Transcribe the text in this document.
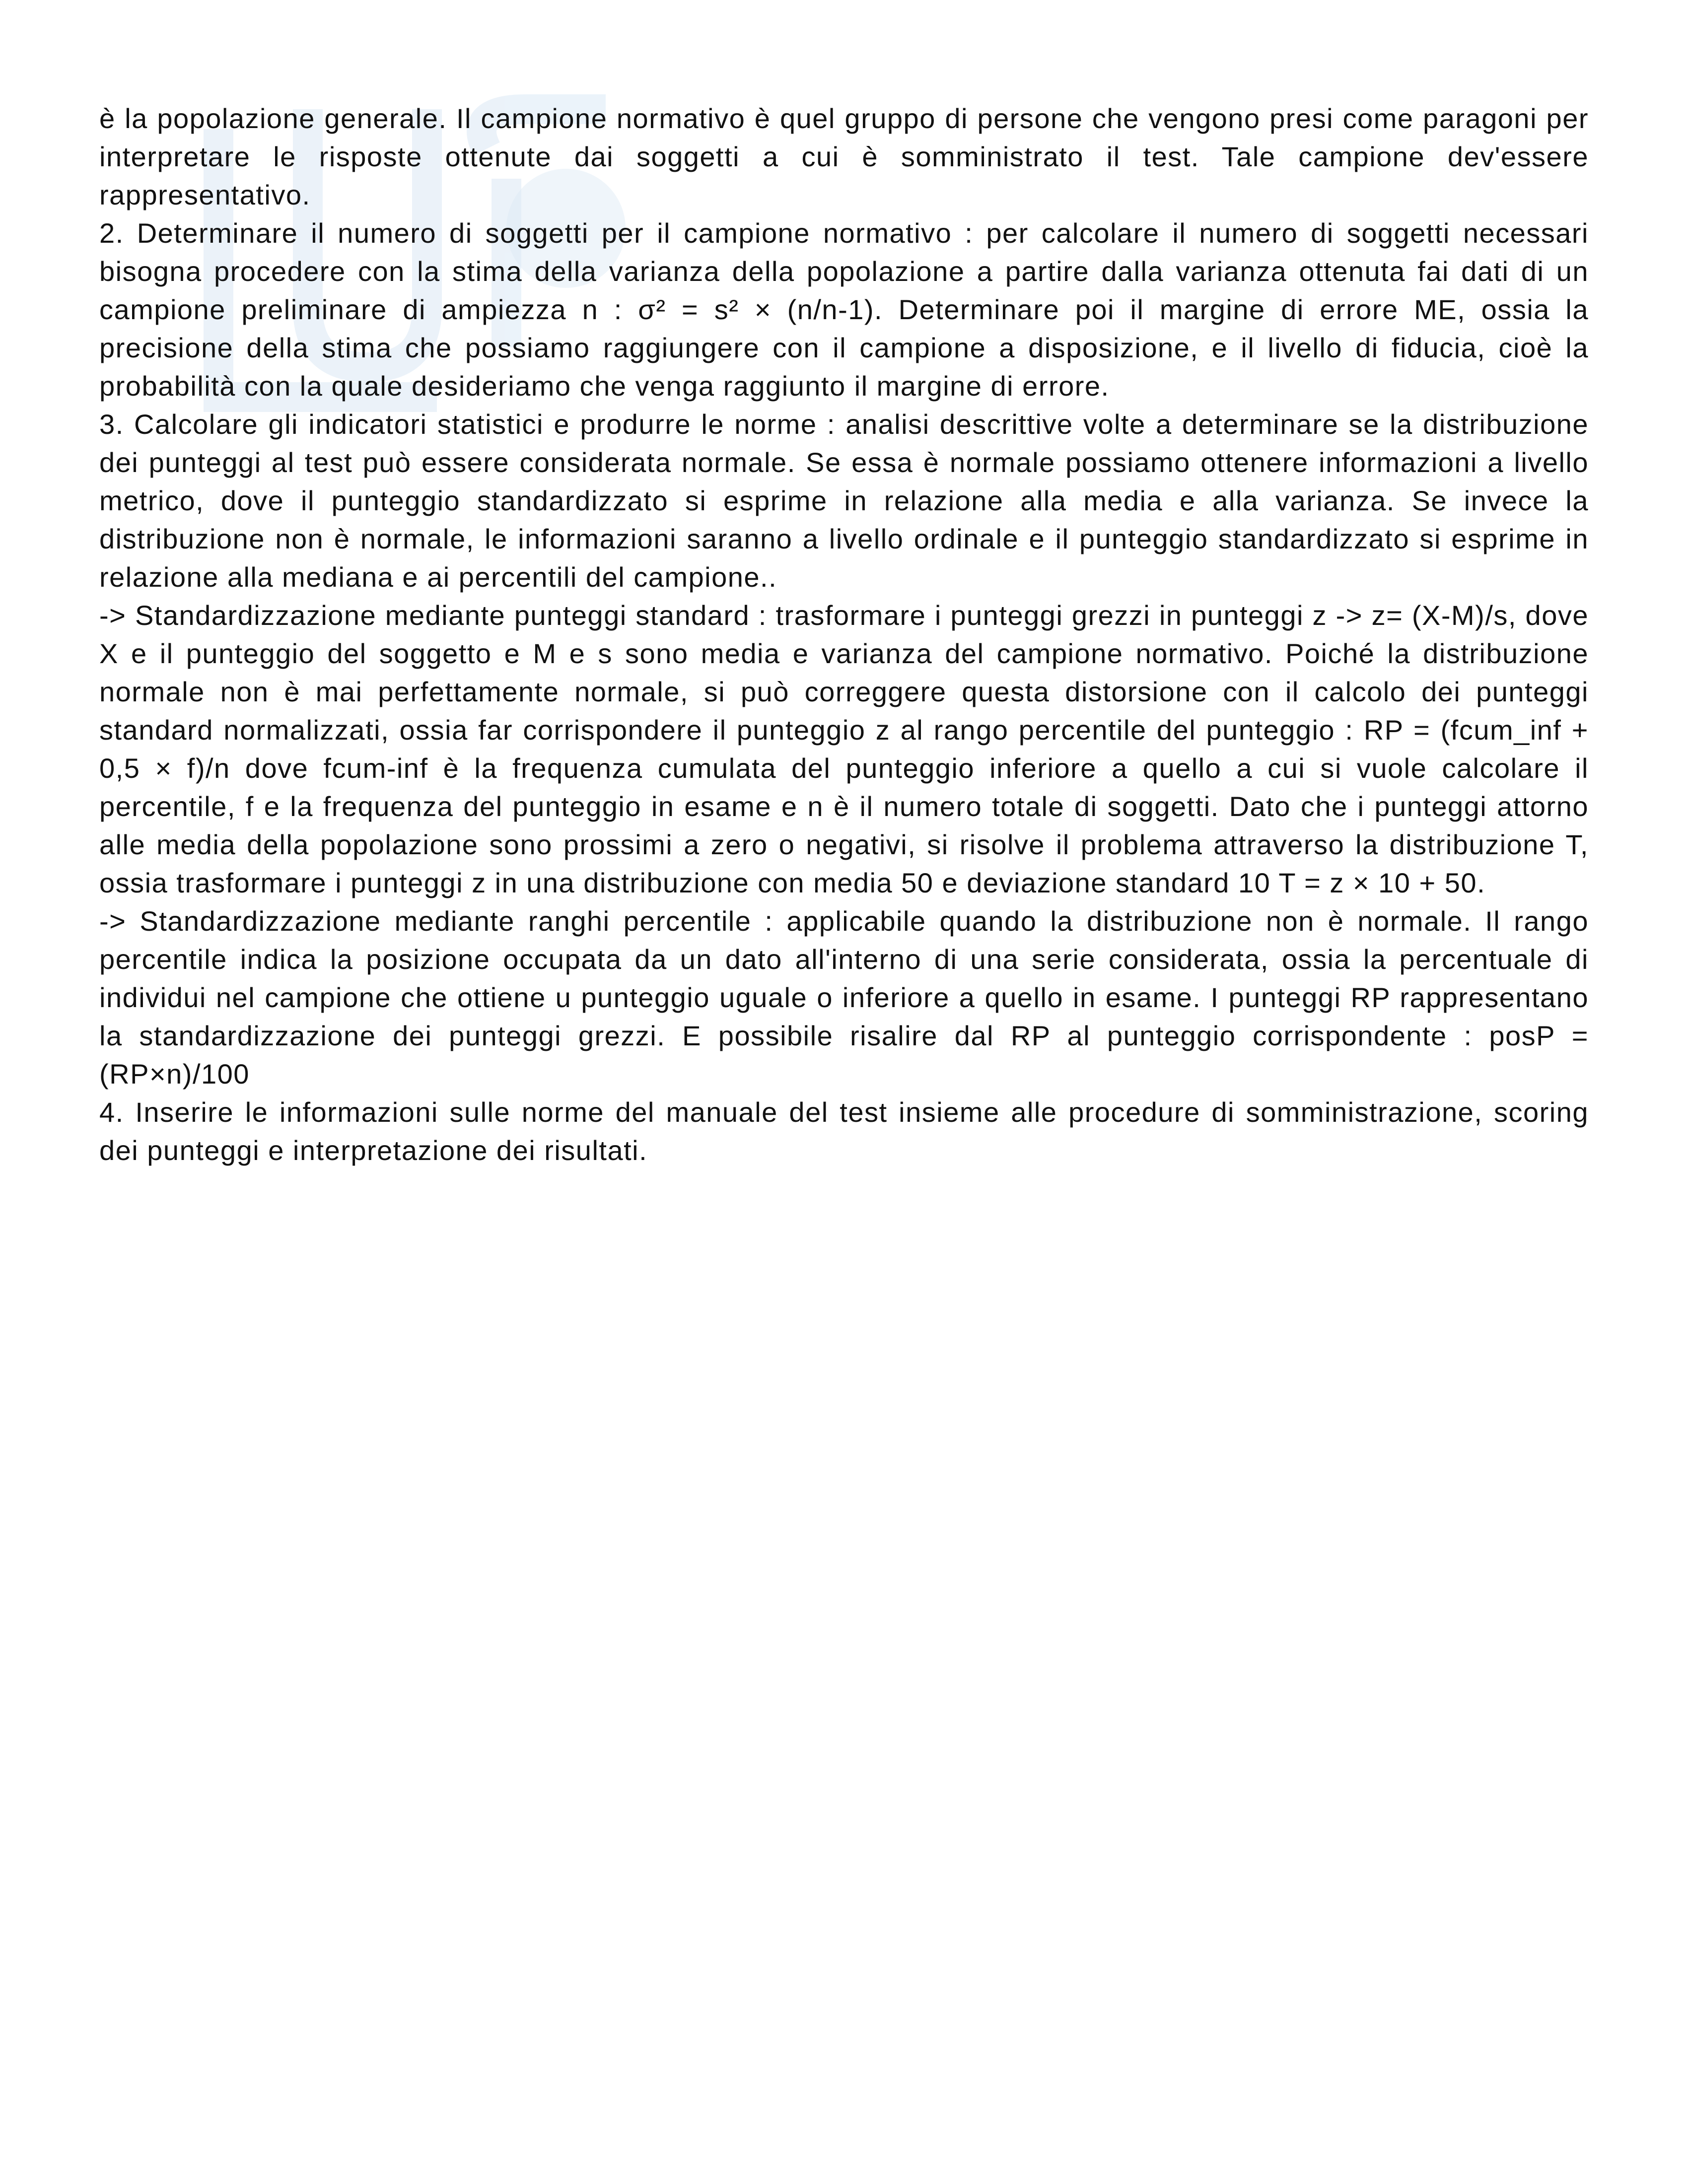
è la popolazione generale. Il campione normativo è quel gruppo di persone che vengono presi come paragoni per interpretare le risposte ottenute dai soggetti a cui è somministrato il test. Tale campione dev'essere rappresentativo.

2. Determinare il numero di soggetti per il campione normativo : per calcolare il numero di soggetti necessari bisogna procedere con la stima della varianza della popolazione a partire dalla varianza ottenuta fai dati di un campione preliminare di ampiezza n : σ² = s² × (n/n-1). Determinare poi il margine di errore ME, ossia la precisione della stima che possiamo raggiungere con il campione a disposizione, e il livello di fiducia, cioè la probabilità con la quale desideriamo che venga raggiunto il margine di errore.

3. Calcolare gli indicatori statistici e produrre le norme : analisi descrittive volte a determinare se la distribuzione dei punteggi al test può essere considerata normale. Se essa è normale possiamo ottenere informazioni a livello metrico, dove il punteggio standardizzato si esprime in relazione alla media e alla varianza. Se invece la distribuzione non è normale, le informazioni saranno a livello ordinale e il punteggio standardizzato si esprime in relazione alla mediana e ai percentili del campione..

-> Standardizzazione mediante punteggi standard : trasformare i punteggi grezzi in punteggi z -> z= (X-M)/s, dove X e il punteggio del soggetto e M e s sono media e varianza del campione normativo. Poiché la distribuzione normale non è mai perfettamente normale, si può correggere questa distorsione con il calcolo dei punteggi standard normalizzati, ossia far corrispondere il punteggio z al rango percentile del punteggio : RP = (fcum_inf + 0,5 × f)/n dove fcum-inf è la frequenza cumulata del punteggio inferiore a quello a cui si vuole calcolare il percentile, f e la frequenza del punteggio in esame e n è il numero totale di soggetti. Dato che i punteggi attorno alle media della popolazione sono prossimi a zero o negativi, si risolve il problema attraverso la distribuzione T, ossia trasformare i punteggi z in una distribuzione con media 50 e deviazione standard 10 T = z × 10 + 50.

-> Standardizzazione mediante ranghi percentile : applicabile quando la distribuzione non è normale. Il rango percentile indica la posizione occupata da un dato all'interno di una serie considerata, ossia la percentuale di individui nel campione che ottiene u punteggio uguale o inferiore a quello in esame. I punteggi RP rappresentano la standardizzazione dei punteggi grezzi. E possibile risalire dal RP al punteggio corrispondente : posP = (RP×n)/100

4. Inserire le informazioni sulle norme del manuale del test insieme alle procedure di somministrazione, scoring dei punteggi e interpretazione dei risultati.
